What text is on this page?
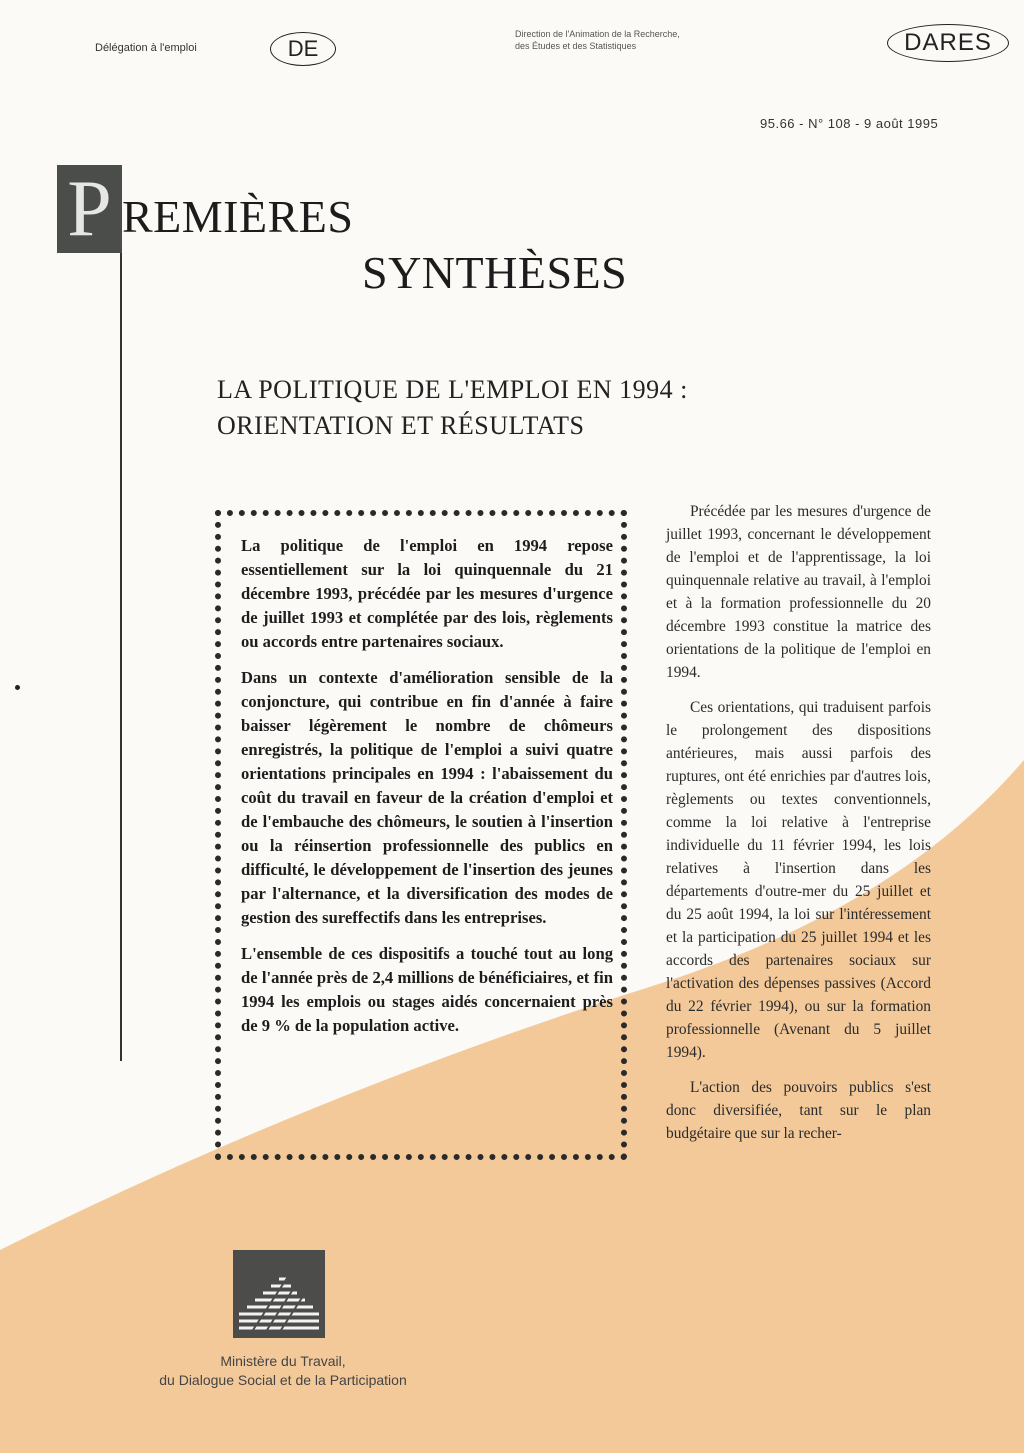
Délégation à l'emploi	DE
Direction de l'Animation de la Recherche,
des Études et des Statistiques	DARES
95.66 - N° 108 - 9 août 1995
P REMIÈRES
SYNTHÈSES
LA POLITIQUE DE L'EMPLOI EN 1994 :
ORIENTATION ET RÉSULTATS

La politique de l'emploi en 1994 repose essentiellement sur la loi quinquennale du 21 décembre 1993, précédée par les mesures d'urgence de juillet 1993 et complétée par des lois, règlements ou accords entre partenaires sociaux.

Dans un contexte d'amélioration sensible de la conjoncture, qui contribue en fin d'année à faire baisser légèrement le nombre de chômeurs enregistrés, la politique de l'emploi a suivi quatre orientations principales en 1994 : l'abaissement du coût du travail en faveur de la création d'emploi et de l'embauche des chômeurs, le soutien à l'insertion ou la réinsertion professionnelle des publics en difficulté, le développement de l'insertion des jeunes par l'alternance, et la diversification des modes de gestion des sureffectifs dans les entreprises.

L'ensemble de ces dispositifs a touché tout au long de l'année près de 2,4 millions de bénéficiaires, et fin 1994 les emplois ou stages aidés concernaient près de 9 % de la population active.

Précédée par les mesures d'urgence de juillet 1993, concernant le développement de l'emploi et de l'apprentissage, la loi quinquennale relative au travail, à l'emploi et à la formation professionnelle du 20 décembre 1993 constitue la matrice des orientations de la politique de l'emploi en 1994.

Ces orientations, qui traduisent parfois le prolongement des dispositions antérieures, mais aussi parfois des ruptures, ont été enrichies par d'autres lois, règlements ou textes conventionnels, comme la loi relative à l'entreprise individuelle du 11 février 1994, les lois relatives à l'insertion dans les départements d'outre-mer du 25 juillet et du 25 août 1994, la loi sur l'intéressement et la participation du 25 juillet 1994 et les accords des partenaires sociaux sur l'activation des dépenses passives (Accord du 22 février 1994), ou sur la formation professionnelle (Avenant du 5 juillet 1994).

L'action des pouvoirs publics s'est donc diversifiée, tant sur le plan budgétaire que sur la recher-

Ministère du Travail,
du Dialogue Social et de la Participation
